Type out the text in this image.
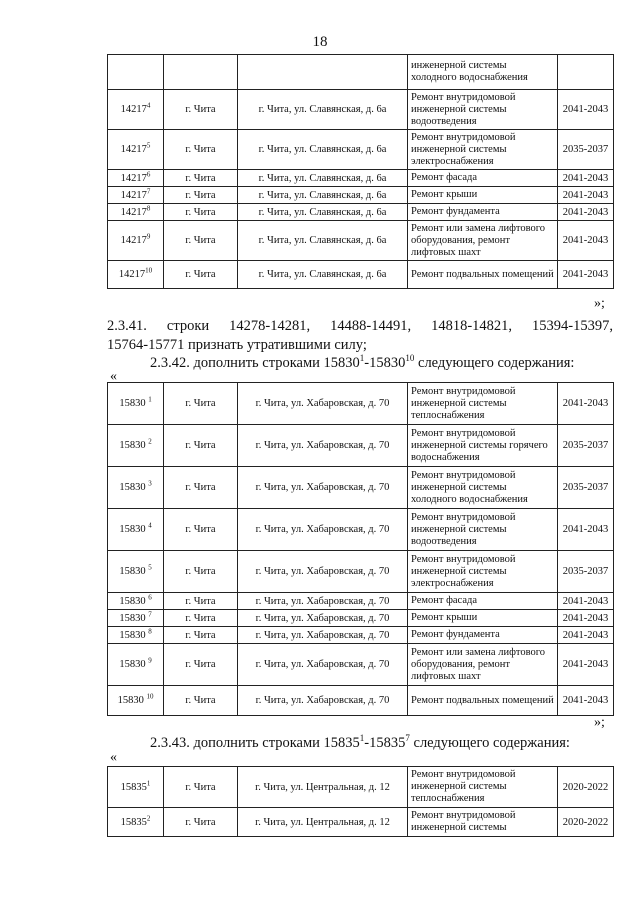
18
			инженерной системы холодного водоснабжения	
14217$^4$	г. Чита	г. Чита, ул. Славянская, д. 6а	Ремонт внутридомовой инженерной системы водоотведения	2041-2043
14217$^5$	г. Чита	г. Чита, ул. Славянская, д. 6а	Ремонт внутридомовой инженерной системы электроснабжения	2035-2037
14217$^6$	г. Чита	г. Чита, ул. Славянская, д. 6а	Ремонт фасада	2041-2043
14217$^7$	г. Чита	г. Чита, ул. Славянская, д. 6а	Ремонт крыши	2041-2043
14217$^8$	г. Чита	г. Чита, ул. Славянская, д. 6а	Ремонт фундамента	2041-2043
14217$^9$	г. Чита	г. Чита, ул. Славянская, д. 6а	Ремонт или замена лифтового оборудования, ремонт лифтовых шахт	2041-2043
14217$^{10}$	г. Чита	г. Чита, ул. Славянская, д. 6а	Ремонт подвальных помещений	2041-2043
»;
2.3.41. строки 14278-14281, 14488-14491, 14818-14821, 15394-15397,
15764-15771 признать утратившими силу;
2.3.42. дополнить строками 15830$^1$-15830$^{10}$ следующего содержания:
«
15830 $^1$	г. Чита	г. Чита, ул. Хабаровская, д. 70	Ремонт внутридомовой инженерной системы теплоснабжения	2041-2043
15830 $^2$	г. Чита	г. Чита, ул. Хабаровская, д. 70	Ремонт внутридомовой инженерной системы горячего водоснабжения	2035-2037
15830 $^3$	г. Чита	г. Чита, ул. Хабаровская, д. 70	Ремонт внутридомовой инженерной системы холодного водоснабжения	2035-2037
15830 $^4$	г. Чита	г. Чита, ул. Хабаровская, д. 70	Ремонт внутридомовой инженерной системы водоотведения	2041-2043
15830 $^5$	г. Чита	г. Чита, ул. Хабаровская, д. 70	Ремонт внутридомовой инженерной системы электроснабжения	2035-2037
15830 $^6$	г. Чита	г. Чита, ул. Хабаровская, д. 70	Ремонт фасада	2041-2043
15830 $^7$	г. Чита	г. Чита, ул. Хабаровская, д. 70	Ремонт крыши	2041-2043
15830 $^8$	г. Чита	г. Чита, ул. Хабаровская, д. 70	Ремонт фундамента	2041-2043
15830 $^9$	г. Чита	г. Чита, ул. Хабаровская, д. 70	Ремонт или замена лифтового оборудования, ремонт лифтовых шахт	2041-2043
15830 $^{10}$	г. Чита	г. Чита, ул. Хабаровская, д. 70	Ремонт подвальных помещений	2041-2043
»;
2.3.43. дополнить строками 15835$^1$-15835$^7$ следующего содержания:
«
15835$^1$	г. Чита	г. Чита, ул. Центральная, д. 12	Ремонт внутридомовой инженерной системы теплоснабжения	2020-2022
15835$^2$	г. Чита	г. Чита, ул. Центральная, д. 12	Ремонт внутридомовой инженерной системы	2020-2022
